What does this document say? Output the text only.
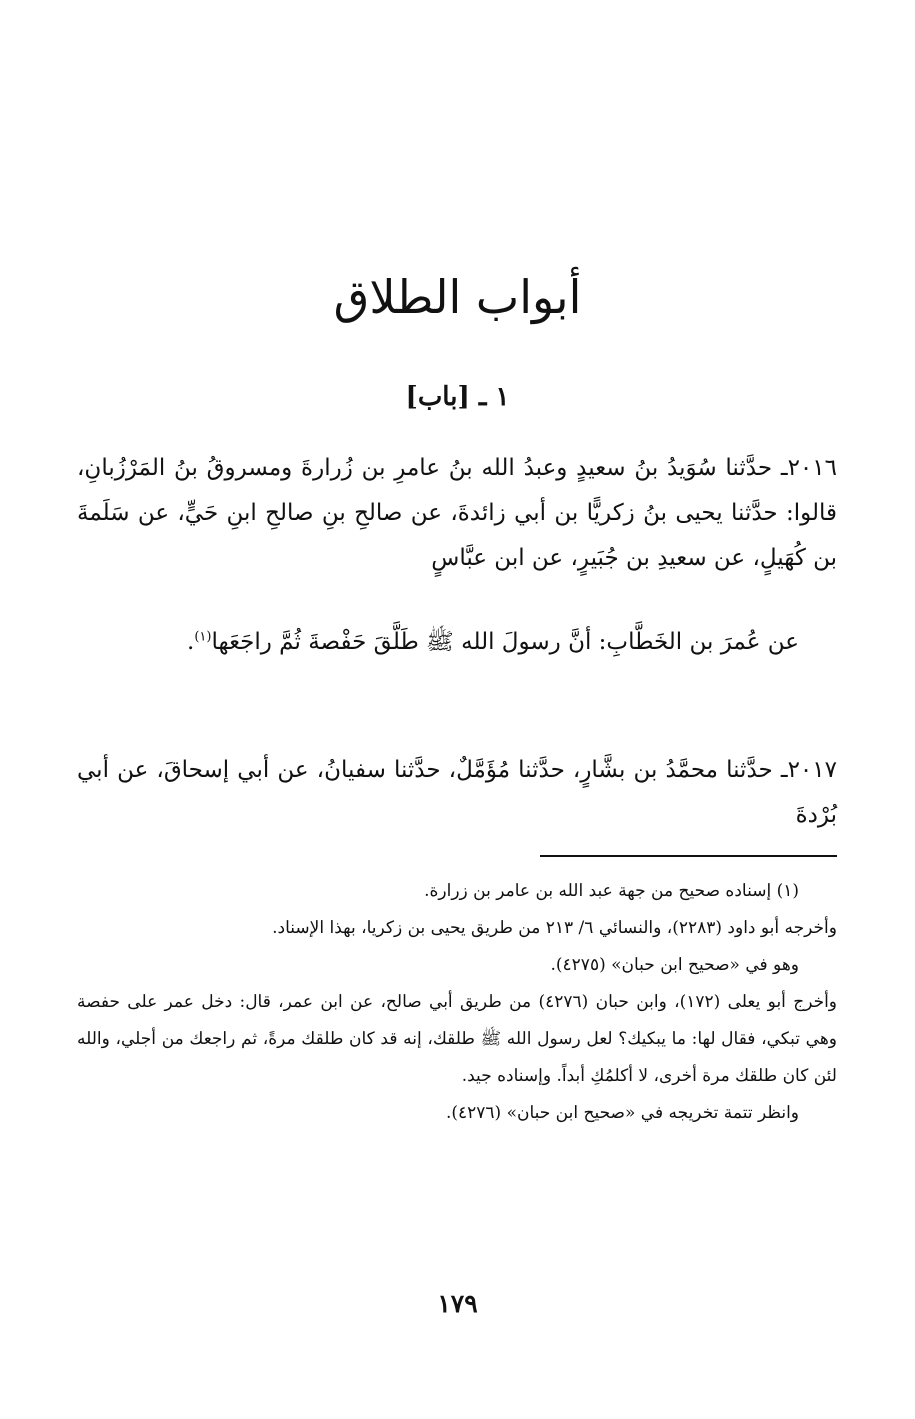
أبواب الطلاق
١ ـ [باب]

٢٠١٦ـ حدَّثنا سُوَيدُ بنُ سعيدٍ وعبدُ الله بنُ عامرِ بن زُرارةَ ومسروقُ بنُ المَرْزُبانِ، قالوا: حدَّثنا يحيى بنُ زكريًّا بن أبي زائدةَ، عن صالحِ بنِ صالحِ ابنِ حَيٍّ، عن سَلَمةَ بن كُهَيلٍ، عن سعيدِ بن جُبَيرٍ، عن ابن عبَّاسٍ

عن عُمرَ بن الخَطَّابِ: أنَّ رسولَ الله ﷺ طَلَّقَ حَفْصةَ ثُمَّ راجَعَها$^{(١)}$.

٢٠١٧ـ حدَّثنا محمَّدُ بن بشَّارٍ، حدَّثنا مُؤَمَّلٌ، حدَّثنا سفيانُ، عن أبي إسحاقَ، عن أبي بُرْدةَ

(١) إسناده صحيح من جهة عبد الله بن عامر بن زرارة.

وأخرجه أبو داود (٢٢٨٣)، والنسائي ٦/ ٢١٣ من طريق يحيى بن زكريا، بهذا الإسناد.

وهو في «صحيح ابن حبان» (٤٢٧٥).

وأخرج أبو يعلى (١٧٢)، وابن حبان (٤٢٧٦) من طريق أبي صالح، عن ابن عمر، قال: دخل عمر على حفصة وهي تبكي، فقال لها: ما يبكيك؟ لعل رسول الله ﷺ طلقك، إنه قد كان طلقك مرةً، ثم راجعك من أجلي، والله لئن كان طلقك مرة أخرى، لا أكلمُكِ أبداً. وإسناده جيد.

وانظر تتمة تخريجه في «صحيح ابن حبان» (٤٢٧٦).

١٧٩
